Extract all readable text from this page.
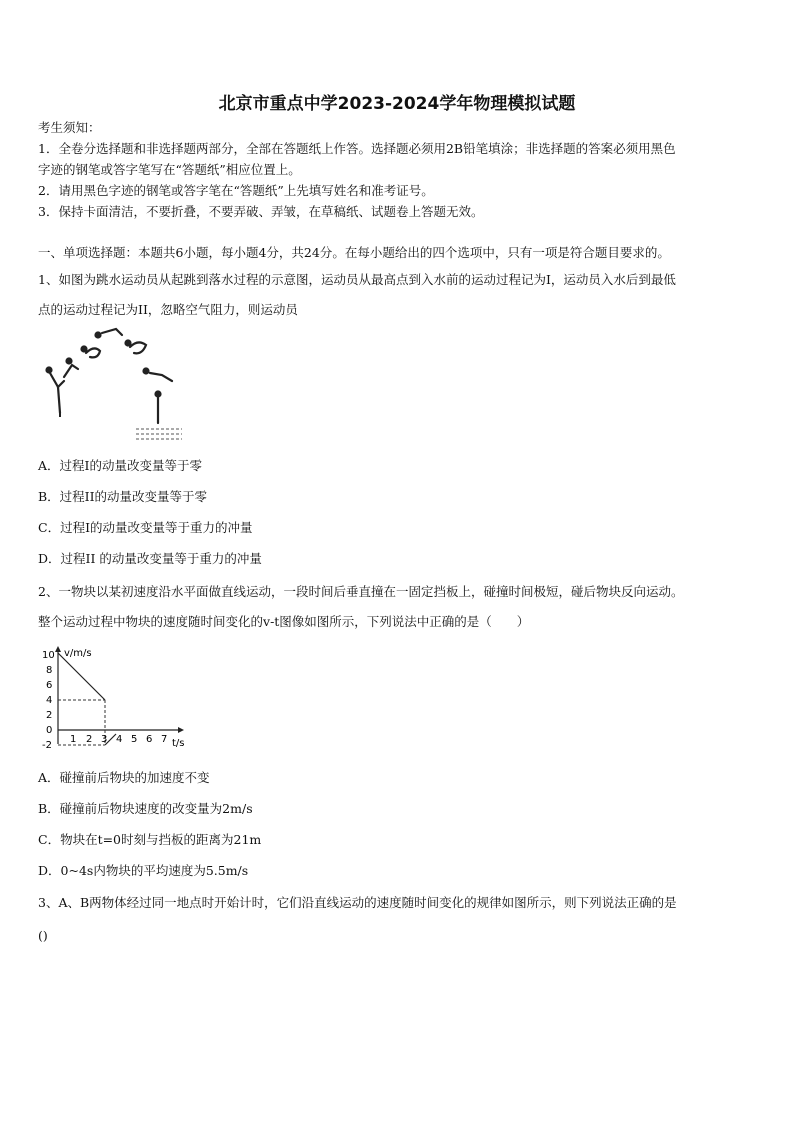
北京市重点中学2023-2024学年物理模拟试题
考生须知：
1．全卷分选择题和非选择题两部分，全部在答题纸上作答。选择题必须用2B铅笔填涂；非选择题的答案必须用黑色
字迹的钢笔或答字笔写在“答题纸”相应位置上。
2．请用黑色字迹的钢笔或答字笔在“答题纸”上先填写姓名和准考证号。
3．保持卡面清洁，不要折叠，不要弄破、弄皱，在草稿纸、试题卷上答题无效。
一、单项选择题：本题共6小题，每小题4分，共24分。在每小题给出的四个选项中，只有一项是符合题目要求的。
1、如图为跳水运动员从起跳到落水过程的示意图，运动员从最高点到入水前的运动过程记为I，运动员入水后到最低
点的运动过程记为II，忽略空气阻力，则运动员
A．过程I的动量改变量等于零
B．过程II的动量改变量等于零
C．过程I的动量改变量等于重力的冲量
D．过程II 的动量改变量等于重力的冲量
2、一物块以某初速度沿水平面做直线运动，一段时间后垂直撞在一固定挡板上，碰撞时间极短，碰后物块反向运动。
整个运动过程中物块的速度随时间变化的v-t图像如图所示，下列说法中正确的是（　　）
v/m/s
t/s
10
8
6
4
2
0
-2
1 2 3 4 5 6 7
A．碰撞前后物块的加速度不变
B．碰撞前后物块速度的改变量为2m/s
C．物块在t=0时刻与挡板的距离为21m
D．0~4s内物块的平均速度为5.5m/s
3、A、B两物体经过同一地点时开始计时，它们沿直线运动的速度随时间变化的规律如图所示，则下列说法正确的是
()
